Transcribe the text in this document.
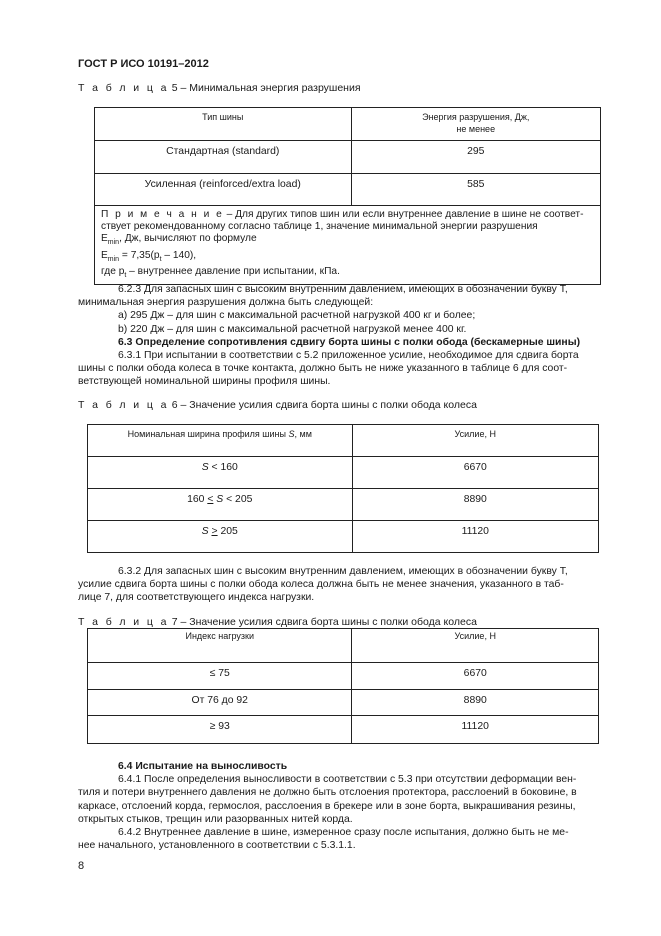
ГОСТ Р ИСО 10191–2012
Т а б л и ц а 5 – Минимальная энергия разрушения
Тип шины	Энергия разрушения, Дж,
не менее
Стандартная (standard)	295
Усиленная (reinforced/extra load)	585

П р и м е ч а н и е – Для других типов шин или если внутреннее давление в шине не соответ-
ствует рекомендованному согласно таблице 1, значение минимальной энергии разрушения
$E_{min}$, Дж, вычисляют по формуле
$E_{min} = 7,35(p_t - 140)$,
где $p_t$ – внутреннее давление при испытании, кПа.	

6.2.3 Для запасных шин с высоким внутренним давлением, имеющих в обозначении букву Т,

минимальная энергия разрушения должна быть следующей:

а) 295 Дж – для шин с максимальной расчетной нагрузкой 400 кг и более;

b) 220 Дж – для шин с максимальной расчетной нагрузкой менее 400 кг.

6.3 Определение сопротивления сдвигу борта шины с полки обода (бескамерные шины)

6.3.1 При испытании в соответствии с 5.2 приложенное усилие, необходимое для сдвига борта

шины с полки обода колеса в точке контакта, должно быть не ниже указанного в таблице 6 для соот-

ветствующей номинальной ширины профиля шины.

Т а б л и ц а 6 – Значение усилия сдвига борта шины с полки обода колеса
Номинальная ширина профиля шины S, мм	Усилие, Н
S < 160	6670
160 < S < 205	8890
S > 205	11120

6.3.2 Для запасных шин с высоким внутренним давлением, имеющих в обозначении букву Т,

усилие сдвига борта шины с полки обода колеса должна быть не менее значения, указанного в таб-

лице 7, для соответствующего индекса нагрузки.

Т а б л и ц а 7 – Значение усилия сдвига борта шины с полки обода колеса
Индекс нагрузки	Усилие, Н
≤ 75	6670
От 76 до 92	8890
≥ 93	11120

6.4 Испытание на выносливость

6.4.1 После определения выносливости в соответствии с 5.3 при отсутствии деформации вен-

тиля и потери внутреннего давления не должно быть отслоения протектора, расслоений в боковине, в

каркасе, отслоений корда, гермослоя, расслоения в брекере или в зоне борта, выкрашивания резины,

открытых стыков, трещин или разорванных нитей корда.

6.4.2 Внутреннее давление в шине, измеренное сразу после испытания, должно быть не ме-

нее начального, установленного в соответствии с 5.3.1.1.

8
